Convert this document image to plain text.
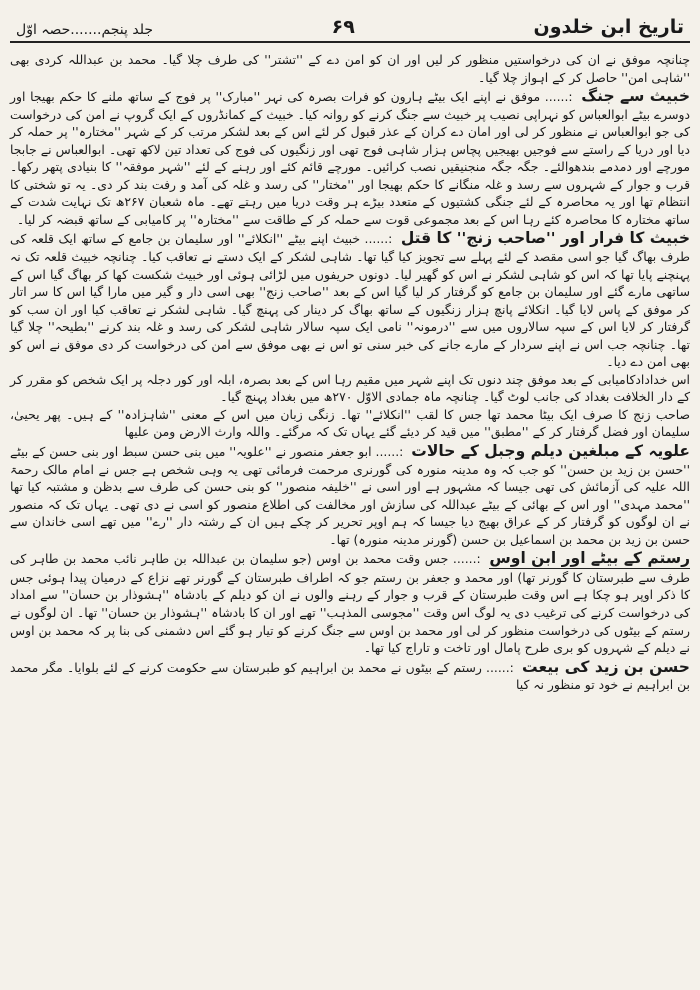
تاریخ ابن خلدون
۶۹
جلد پنجم.......حصہ اوّل

چنانچہ موفق نے ان کی درخواستیں منظور کر لیں اور ان کو امن دے کے ''تشتر'' کی طرف چلا گیا۔ محمد بن عبداللہ کردی بھی ''شاہی امن'' حاصل کر کے اہواز چلا گیا۔

خبیث سے جنگ :...... موفق نے اپنے ایک بیٹے ہارون کو فرات بصرہ کی نہر ''مبارک'' پر فوج کے ساتھ ملنے کا حکم بھیجا اور دوسرے بیٹے ابوالعباس کو نہراپی نصیب پر خبیث سے جنگ کرنے کو روانہ کیا۔ خبیث کے کمانڈروں کے ایک گروپ نے امن کی درخواست کی جو ابوالعباس نے منظور کر لی اور امان دے کران کے عذر قبول کر لئے اس کے بعد لشکر مرتب کر کے شہر ''مختارہ'' پر حملہ کر دیا اور دریا کے راستے سے فوجیں بھیجیں پچاس ہزار شاہی فوج تھی اور زنگیوں کی فوج کی تعداد تین لاکھ تھی۔ ابوالعباس نے جابجا مورچے اور دمدمے بندھوالئے۔ جگہ جگہ منجنیقیں نصب کرائیں۔ مورچے قائم کئے اور رہنے کے لئے ''شہر موفقہ'' کا بنیادی پتھر رکھا۔ قرب و جوار کے شہروں سے رسد و غلہ منگانے کا حکم بھیجا اور ''مختار'' کی رسد و غلہ کی آمد و رفت بند کر دی۔ یہ تو شختی کا انتظام تھا اور یہ محاصرہ کے لئے جنگی کشتیوں کے متعدد بیڑے ہر وقت دریا میں رہتے تھے۔ ماہ شعبان ۲۶۷ھ تک نہایت شدت کے ساتھ مختارہ کا محاصرہ کئے رہا اس کے بعد مجموعی قوت سے حملہ کر کے طاقت سے ''مختارہ'' پر کامیابی کے ساتھ قبضہ کر لیا۔

خبیث کا فرار اور ''صاحب زنج'' کا قتل :...... خبیث اپنے بیٹے ''انکلائے'' اور سلیمان بن جامع کے ساتھ ایک قلعہ کی طرف بھاگ گیا جو اسی مقصد کے لئے پہلے سے تجویز کیا گیا تھا۔ شاہی لشکر کے ایک دستے نے تعاقب کیا۔ چنانچہ خبیث قلعہ تک نہ پہنچنے پایا تھا کہ اس کو شاہی لشکر نے اس کو گھیر لیا۔ دونوں حریفوں میں لڑائی ہوئی اور خبیث شکست کھا کر بھاگ گیا اس کے ساتھی مارے گئے اور سلیمان بن جامع کو گرفتار کر لیا گیا اس کے بعد ''صاحب زنج'' بھی اسی دار و گیر میں مارا گیا اس کا سر اتار کر موفق کے پاس لایا گیا۔ انکلائے پانچ ہزار زنگیوں کے ساتھ بھاگ کر دینار کی پہنچ گیا۔ شاہی لشکر نے تعاقب کیا اور ان سب کو گرفتار کر لایا اس کے سپہ سالاروں میں سے ''درمونہ'' نامی ایک سپہ سالار شاہی لشکر کی رسد و غلہ بند کرنے ''بطیحہ'' چلا گیا تھا۔ چنانچہ جب اس نے اپنے سردار کے مارے جانے کی خبر سنی تو اس نے بھی موفق سے امن کی درخواست کر دی موفق نے اس کو بھی امن دے دیا۔

اس خدادادکامیابی کے بعد موفق چند دنوں تک اپنے شہر میں مقیم رہا اس کے بعد بصرہ، ابلہ اور کور دجلہ پر ایک شخص کو مقرر کر کے دار الخلافت بغداد کی جانب لوٹ گیا۔ چنانچہ ماہ جمادی الاوّل ۲۷۰ھ میں بغداد پہنچ گیا۔

صاحب زنج کا صرف ایک بیٹا محمد تھا جس کا لقب ''انکلائے'' تھا۔ زنگی زبان میں اس کے معنی ''شاہزادہ'' کے ہیں۔ پھر یحییٰ، سلیمان اور فضل گرفتار کر کے ''مطبق'' میں قید کر دیئے گئے یہاں تک کہ مرگئے۔ واللہ وارث الارض ومن علیھا

علویہ کے مبلغین دیلم وجبل کے حالات :...... ابو جعفر منصور نے ''علویہ'' میں بنی حسن سبط اور بنی حسن کے بیٹے ''حسن بن زید بن حسن'' کو جب کہ وہ مدینہ منورہ کی گورنری مرحمت فرمائی تھی یہ وہی شخص ہے جس نے امام مالک رحمۃ اللہ علیہ کی آزمائش کی تھی جیسا کہ مشہور ہے اور اسی نے ''خلیفہ منصور'' کو بنی حسن کی طرف سے بدظن و مشتبہ کیا تھا ''محمد مہدی'' اور اس کے بھائی کے بیٹے عبداللہ کی سازش اور مخالفت کی اطلاع منصور کو اسی نے دی تھی۔ یہاں تک کہ منصور نے ان لوگوں کو گرفتار کر کے عراق بھیج دیا جیسا کہ ہم اوپر تحریر کر چکے ہیں ان کے رشتہ دار ''رے'' میں تھے اسی خاندان سے حسن بن زید بن محمد بن اسماعیل بن حسن (گورنر مدینہ منورہ) تھا۔

رستم کے بیٹے اور ابن اوس :...... جس وقت محمد بن اوس (جو سلیمان بن عبداللہ بن طاہر نائب محمد بن طاہر کی طرف سے طبرستان کا گورنر تھا) اور محمد و جعفر بن رستم جو کہ اطراف طبرستان کے گورنر تھے نزاع کے درمیان پیدا ہوئی جس کا ذکر اوپر ہو چکا ہے اس وقت طبرستان کے قرب و جوار کے رہنے والوں نے ان کو دیلم کے بادشاہ ''ہشوذار بن حسان'' سے امداد کی درخواست کرنے کی ترغیب دی یہ لوگ اس وقت ''مجوسی المذہب'' تھے اور ان کا بادشاہ ''ہشوذار بن حسان'' تھا۔ ان لوگوں نے رستم کے بیٹوں کی درخواست منظور کر لی اور محمد بن اوس سے جنگ کرنے کو تیار ہو گئے اس دشمنی کی بنا پر کہ محمد بن اوس نے دیلم کے شہروں کو بری طرح پامال اور تاخت و تاراج کیا تھا۔

حسن بن زید کی بیعت :...... رستم کے بیٹوں نے محمد بن ابراہیم کو طبرستان سے حکومت کرنے کے لئے بلوایا۔ مگر محمد بن ابراہیم نے خود تو منظور نہ کیا
